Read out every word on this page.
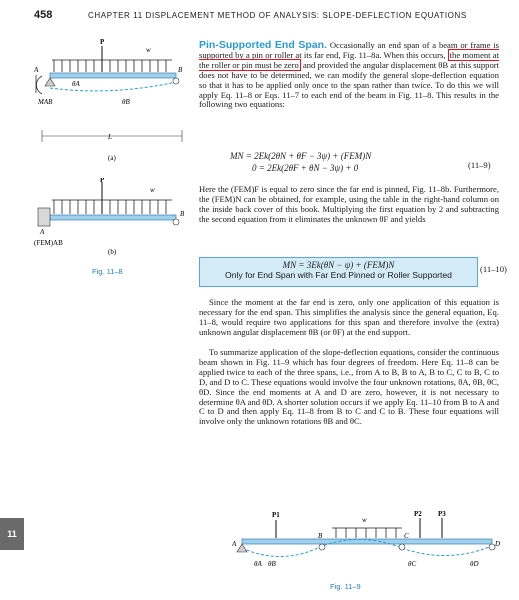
458	CHAPTER 11 DISPLACEMENT METHOD OF ANALYSIS: SLOPE-DEFLECTION EQUATIONS

Pin-Supported End Span. Occasionally an end span of a beam or frame is supported by a pin or roller at its far end, Fig. 11–8a. When this occurs, the moment at the roller or pin must be zero and provided the angular displacement θB at this support does not have to be determined, we can modify the general slope-deflection equation so that it has to be applied only once to the span rather than twice. To do this we will apply Eq. 11–8 or Eqs. 11–7 to each end of the beam in Fig. 11–8. This results in the following two equations:

MN = 2Ek(2θN + θF − 3ψ) + (FEM)N
0 = 2Ek(2θF + θN − 3ψ) + 0	(11–9)
Here the (FEM)F is equal to zero since the far end is pinned, Fig. 11–8b. Furthermore, the (FEM)N can be obtained, for example, using the table in the right-hand column on the inside back cover of this book. Multiplying the first equation by 2 and subtracting the second equation from it eliminates the unknown θF and yields
MN = 3Ek(θN − ψ) + (FEM)N
Only for End Span with Far End Pinned or Roller Supported
(11–10)
Since the moment at the far end is zero, only one application of this equation is necessary for the end span. This simplifies the analysis since the general equation, Eq. 11–8, would require two applications for this span and therefore involve the (extra) unknown angular displacement θB (or θF) at the end support.
To summarize application of the slope-deflection equations, consider the continuous beam shown in Fig. 11–9 which has four degrees of freedom. Here Eq. 11–8 can be applied twice to each of the three spans, i.e., from A to B, B to A, B to C, C to B, C to D, and D to C. These equations would involve the four unknown rotations, θA, θB, θC, θD. Since the end moments at A and D are zero, however, it is not necessary to determine θA and θD. A shorter solution occurs if we apply Eq. 11–10 from B to A and C to D and then apply Eq. 11–8 from B to C and C to B. These four equations will involve only the unknown rotations θB and θC.
P
w
A	B
MAB
θA
θB
L
(a)
P
w
A
B
(FEM)AB
(b)
Fig. 11–8
P1
w
P2 P3
A
B	C
D
θA θB	θC	θD
Fig. 11–9
11
